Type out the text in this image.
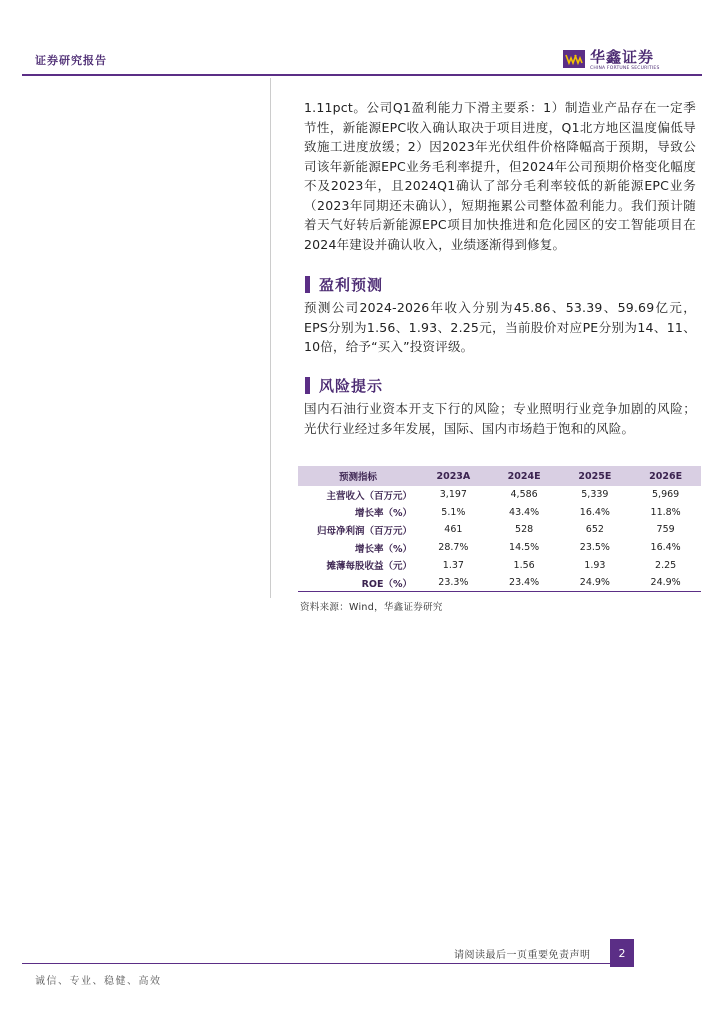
证券研究报告	华鑫证券
CHINA FORTUNE SECURITIES
1.11pct。公司Q1盈利能力下滑主要系：1）制造业产品存在一定季节性，新能源EPC收入确认取决于项目进度，Q1北方地区温度偏低导致施工进度放缓；2）因2023年光伏组件价格降幅高于预期，导致公司该年新能源EPC业务毛利率提升，但2024年公司预期价格变化幅度不及2023年，且2024Q1确认了部分毛利率较低的新能源EPC业务（2023年同期还未确认），短期拖累公司整体盈利能力。我们预计随着天气好转后新能源EPC项目加快推进和危化园区的安工智能项目在2024年建设并确认收入，业绩逐渐得到修复。
盈利预测
预测公司2024-2026年收入分别为45.86、53.39、59.69亿元，EPS分别为1.56、1.93、2.25元，当前股价对应PE分别为14、11、10倍，给予“买入”投资评级。
风险提示
国内石油行业资本开支下行的风险；专业照明行业竞争加剧的风险；光伏行业经过多年发展，国际、国内市场趋于饱和的风险。
预测指标	2023A	2024E	2025E	2026E
主营收入（百万元）	3,197	4,586	5,339	5,969
增长率（%）	5.1%	43.4%	16.4%	11.8%
归母净利润（百万元）	461	528	652	759
增长率（%）	28.7%	14.5%	23.5%	16.4%
摊薄每股收益（元）	1.37	1.56	1.93	2.25
ROE（%）	23.3%	23.4%	24.9%	24.9%
资料来源：Wind，华鑫证券研究
请阅读最后一页重要免责声明	2
诚信、专业、稳健、高效
